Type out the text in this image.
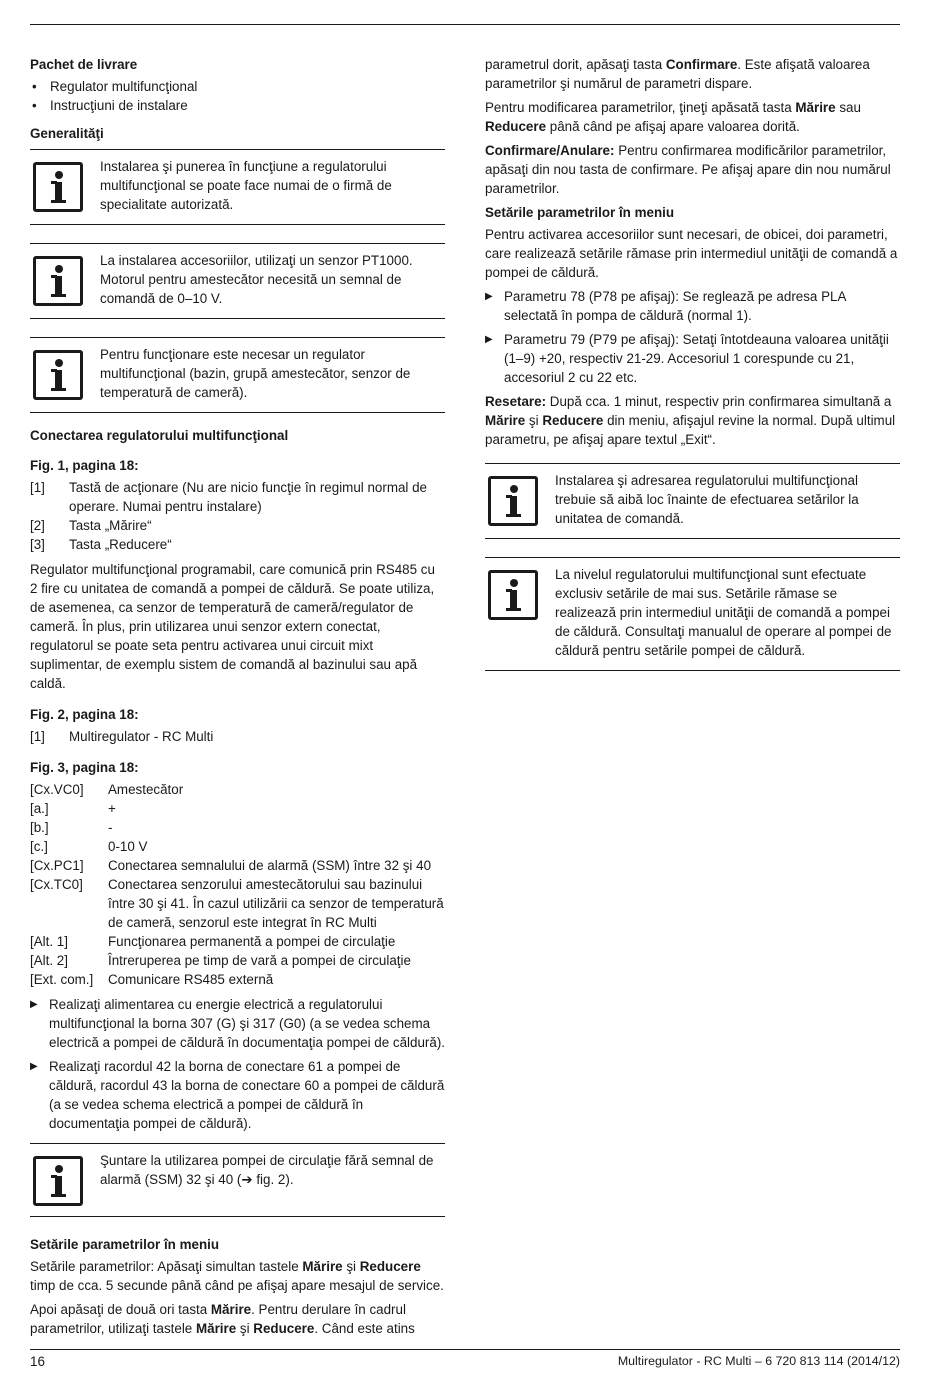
Pachet de livrare
• Regulator multifuncţional
• Instrucţiuni de instalare
Generalităţi
Instalarea şi punerea în funcţiune a regulatorului multifuncţional se poate face numai de o firmă de specialitate autorizată.
La instalarea accesoriilor, utilizaţi un senzor PT1000. Motorul pentru amestecător necesită un semnal de comandă de 0–10 V.
Pentru funcţionare este necesar un regulator multifuncţional (bazin, grupă amestecător, senzor de temperatură de cameră).
Conectarea regulatorului multifuncţional
Fig. 1, pagina 18:
[1]	Tastă de acţionare (Nu are nicio funcţie în regimul normal de operare. Numai pentru instalare)
[2]	Tasta „Mărire“
[3]	Tasta „Reducere“

Regulator multifuncţional programabil, care comunică prin RS485 cu 2 fire cu unitatea de comandă a pompei de căldură. Se poate utiliza, de asemenea, ca senzor de temperatură de cameră/regulator de cameră. În plus, prin utilizarea unui senzor extern conectat, regulatorul se poate seta pentru activarea unui circuit mixt suplimentar, de exemplu sistem de comandă al bazinului sau apă caldă.

Fig. 2, pagina 18:
[1]	Multiregulator - RC Multi
Fig. 3, pagina 18:
[Cx.VC0]	Amestecător
[a.]	+
[b.]	-
[c.]	0-10 V
[Cx.PC1]	Conectarea semnalului de alarmă (SSM) între 32 şi 40
[Cx.TC0]	Conectarea senzorului amestecătorului sau bazinului între 30 şi 41. În cazul utilizării ca senzor de temperatură de cameră, senzorul este integrat în RC Multi
[Alt. 1]	Funcţionarea permanentă a pompei de circulaţie
[Alt. 2]	Întreruperea pe timp de vară a pompei de circulaţie
[Ext. com.]	Comunicare RS485 externă
▶ Realizaţi alimentarea cu energie electrică a regulatorului multifuncţional la borna 307 (G) şi 317 (G0) (a se vedea schema electrică a pompei de căldură în documentaţia pompei de căldură).
▶ Realizaţi racordul 42 la borna de conectare 61 a pompei de căldură, racordul 43 la borna de conectare 60 a pompei de căldură (a se vedea schema electrică a pompei de căldură în documentaţia pompei de căldură).
Şuntare la utilizarea pompei de circulaţie fără semnal de alarmă (SSM) 32 şi 40 (➔ fig. 2).
Setările parametrilor în meniu

Setările parametrilor: Apăsaţi simultan tastele Mărire şi Reducere timp de cca. 5 secunde până când pe afişaj apare mesajul de service.

Apoi apăsaţi de două ori tasta Mărire. Pentru derulare în cadrul parametrilor, utilizaţi tastele Mărire şi Reducere. Când este atins

parametrul dorit, apăsaţi tasta Confirmare. Este afişată valoarea parametrilor şi numărul de parametri dispare.

Pentru modificarea parametrilor, ţineţi apăsată tasta Mărire sau Reducere până când pe afişaj apare valoarea dorită.

Confirmare/Anulare: Pentru confirmarea modificărilor parametrilor, apăsaţi din nou tasta de confirmare. Pe afişaj apare din nou numărul parametrilor.

Setările parametrilor în meniu

Pentru activarea accesoriilor sunt necesari, de obicei, doi parametri, care realizează setările rămase prin intermediul unităţii de comandă a pompei de căldură.

▶ Parametru 78 (P78 pe afişaj): Se reglează pe adresa PLA selectată în pompa de căldură (normal 1).
▶ Parametru 79 (P79 pe afişaj): Setaţi întotdeauna valoarea unităţii (1–9) +20, respectiv 21-29. Accesoriul 1 corespunde cu 21, accesoriul 2 cu 22 etc.

Resetare: După cca. 1 minut, respectiv prin confirmarea simultană a Mărire şi Reducere din meniu, afişajul revine la normal. După ultimul parametru, pe afişaj apare textul „Exit“.

Instalarea şi adresarea regulatorului multifuncţional trebuie să aibă loc înainte de efectuarea setărilor la unitatea de comandă.
La nivelul regulatorului multifuncţional sunt efectuate exclusiv setările de mai sus. Setările rămase se realizează prin intermediul unităţii de comandă a pompei de căldură. Consultaţi manualul de operare al pompei de căldură pentru setările pompei de căldură.
16	Multiregulator - RC Multi – 6 720 813 114 (2014/12)
